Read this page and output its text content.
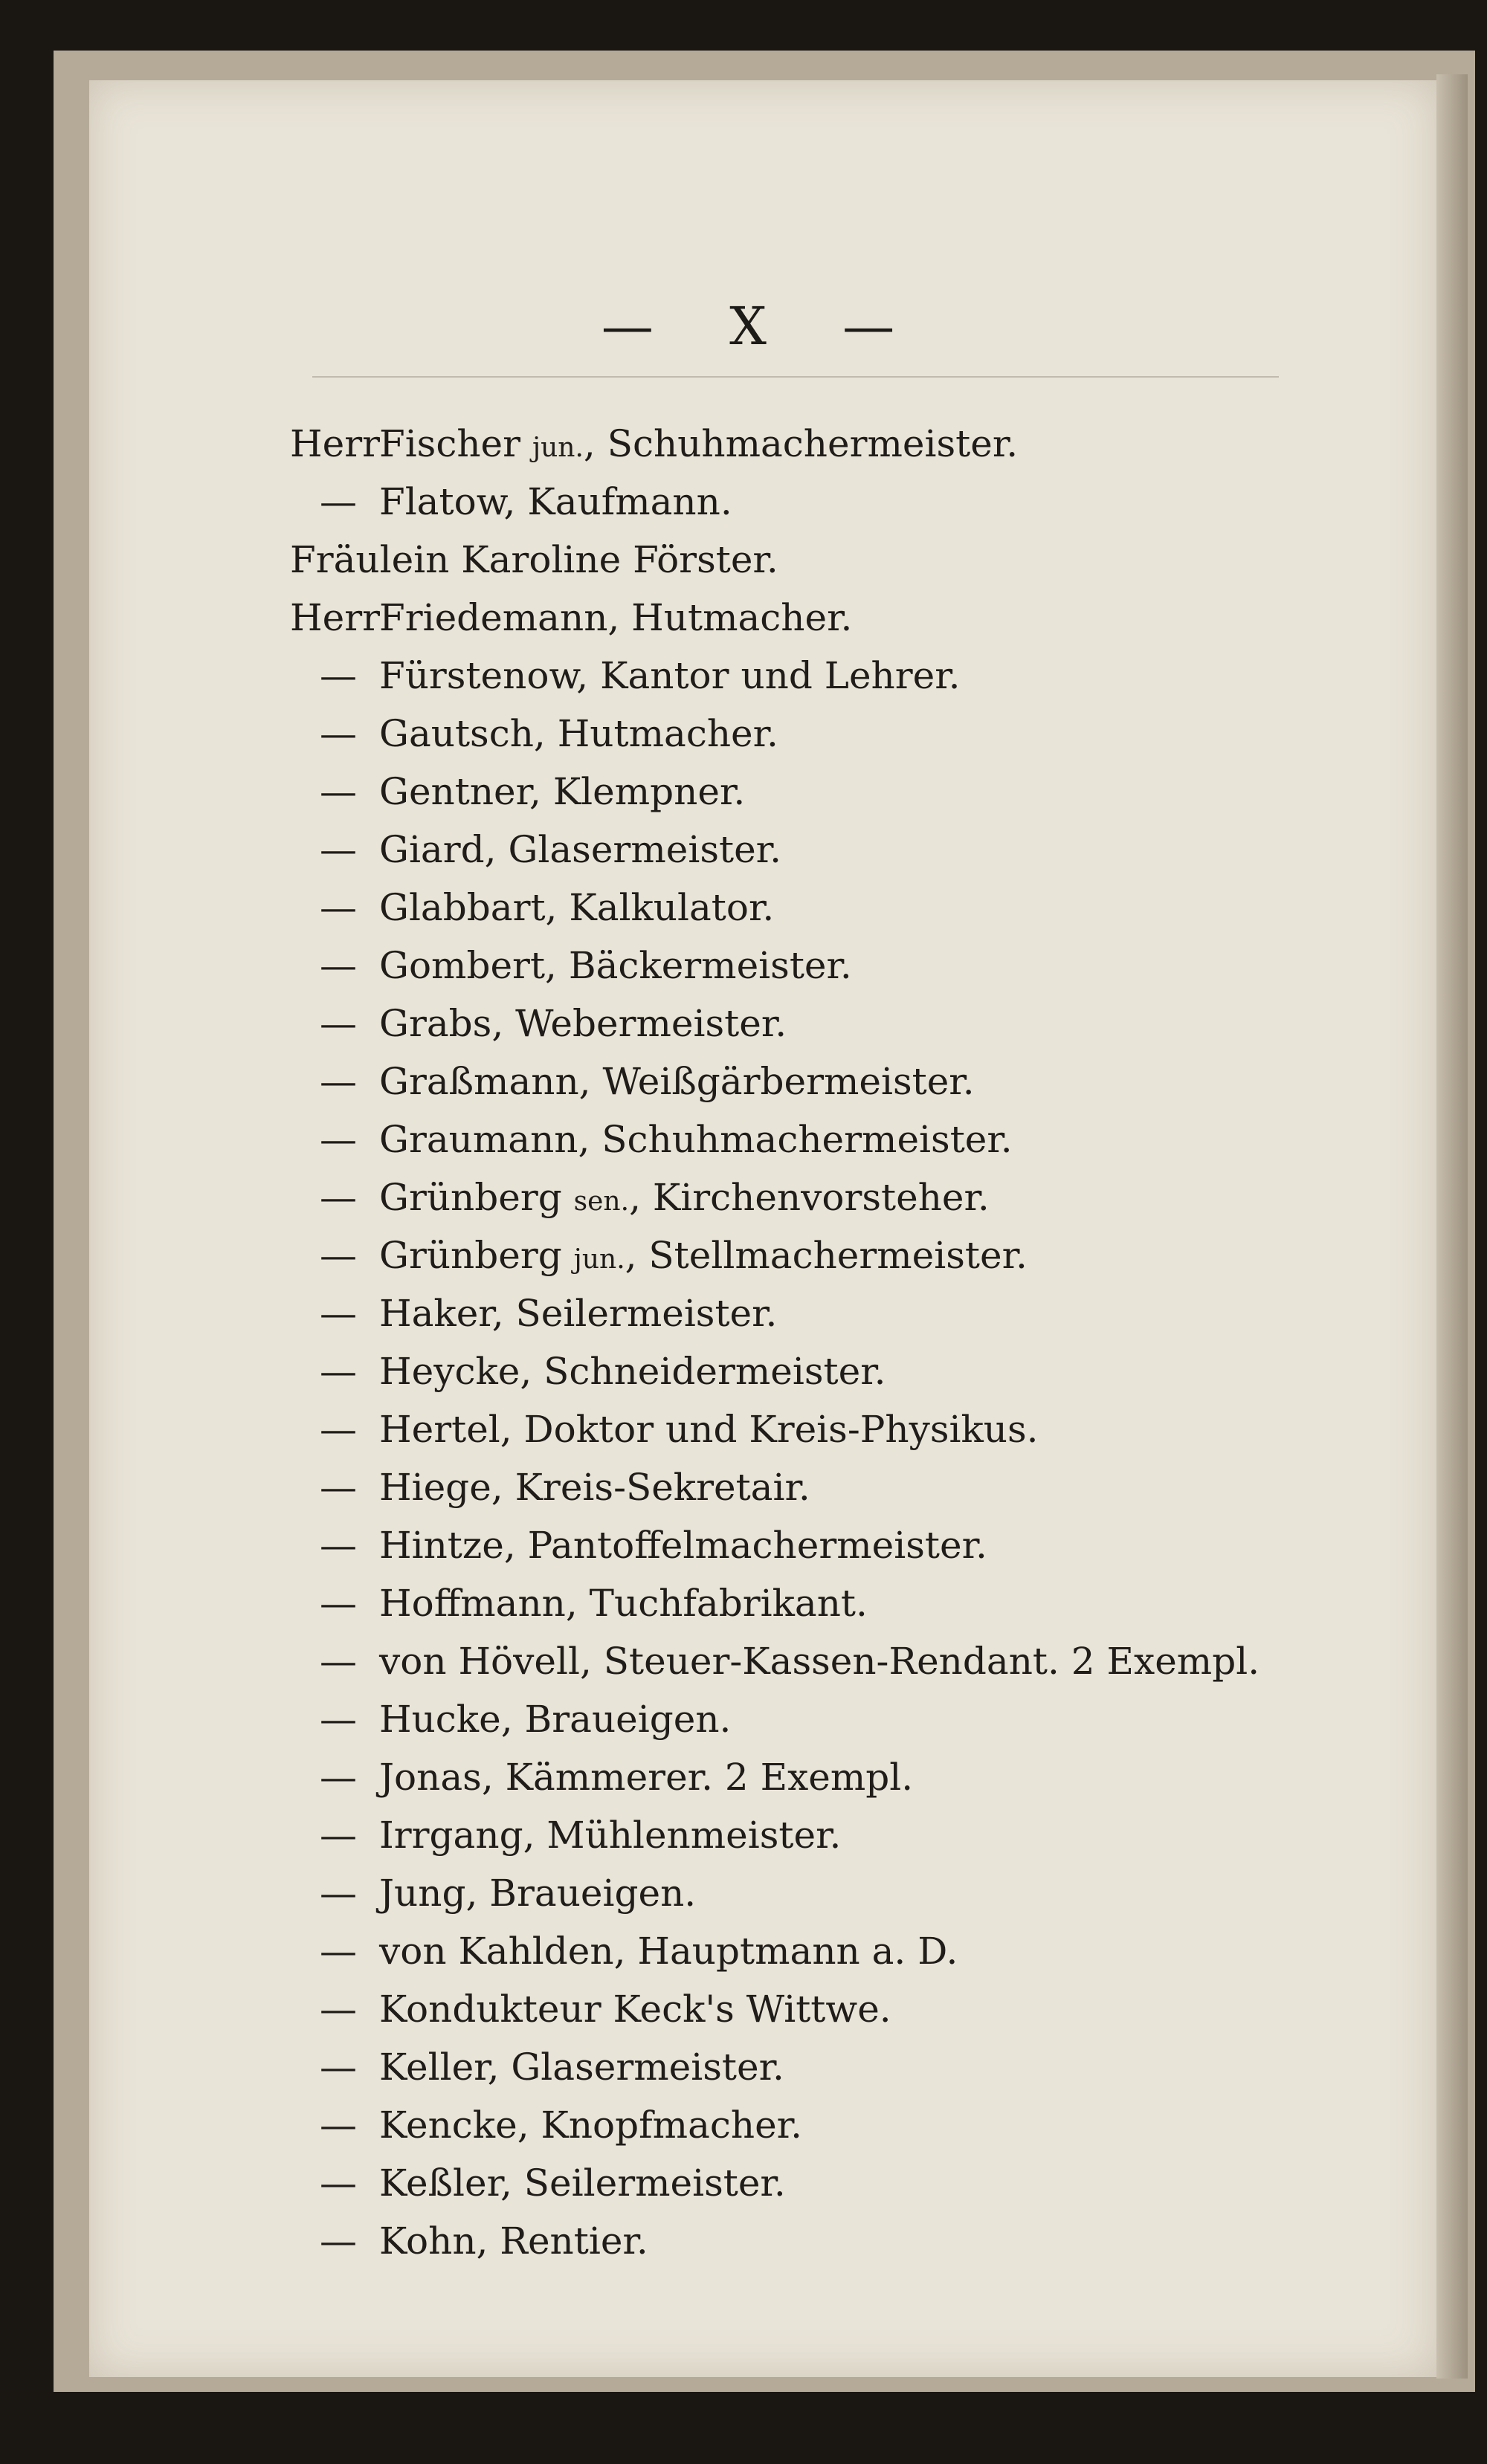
— X —
HerrFischer jun., Schuhmachermeister.
— Flatow, Kaufmann.
Fräulein Karoline Förster.
HerrFriedemann, Hutmacher.
— Fürstenow, Kantor und Lehrer.
— Gautsch, Hutmacher.
— Gentner, Klempner.
— Giard, Glasermeister.
— Glabbart, Kalkulator.
— Gombert, Bäckermeister.
— Grabs, Webermeister.
— Graßmann, Weißgärbermeister.
— Graumann, Schuhmachermeister.
— Grünberg sen., Kirchenvorsteher.
— Grünberg jun., Stellmachermeister.
— Haker, Seilermeister.
— Heycke, Schneidermeister.
— Hertel, Doktor und Kreis-Physikus.
— Hiege, Kreis-Sekretair.
— Hintze, Pantoffelmachermeister.
— Hoffmann, Tuchfabrikant.
— von Hövell, Steuer-Kassen-Rendant. 2 Exempl.
— Hucke, Braueigen.
— Jonas, Kämmerer. 2 Exempl.
— Irrgang, Mühlenmeister.
— Jung, Braueigen.
— von Kahlden, Hauptmann a. D.
— Kondukteur Keck's Wittwe.
— Keller, Glasermeister.
— Kencke, Knopfmacher.
— Keßler, Seilermeister.
— Kohn, Rentier.
